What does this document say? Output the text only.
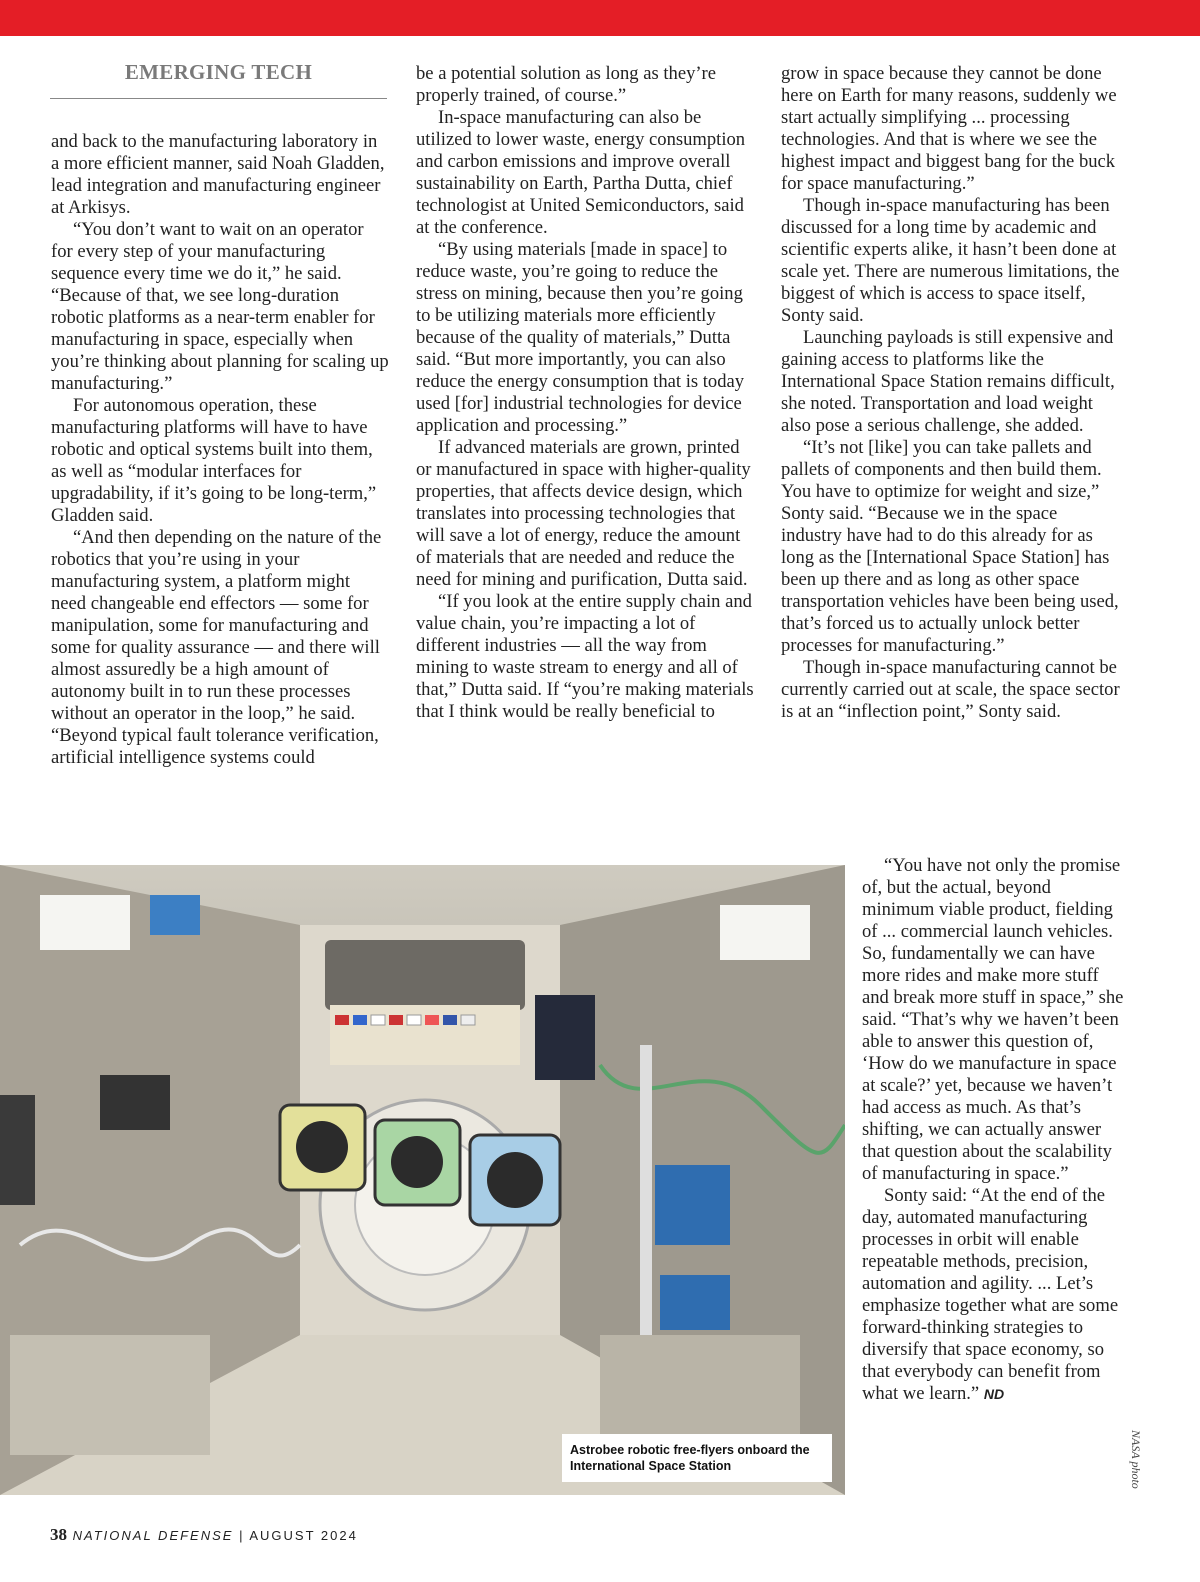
EMERGING TECH

and back to the manufacturing laboratory in a more efficient manner, said Noah Gladden, lead integration and manufacturing engineer at Arkisys.

“You don’t want to wait on an operator for every step of your manufacturing sequence every time we do it,” he said. “Because of that, we see long-duration robotic platforms as a near-term enabler for manufacturing in space, especially when you’re thinking about planning for scaling up manufacturing.”

For autonomous operation, these manufacturing platforms will have to have robotic and optical systems built into them, as well as “modular interfaces for upgradability, if it’s going to be long-term,” Gladden said.

“And then depending on the nature of the robotics that you’re using in your manufacturing system, a platform might need changeable end effectors — some for manipulation, some for manufacturing and some for quality assurance — and there will almost assuredly be a high amount of autonomy built in to run these processes without an operator in the loop,” he said. “Beyond typical fault tolerance verification, artificial intelligence systems could

be a potential solution as long as they’re properly trained, of course.”

In-space manufacturing can also be utilized to lower waste, energy consumption and carbon emissions and improve overall sustainability on Earth, Partha Dutta, chief technologist at United Semiconductors, said at the conference.

“By using materials [made in space] to reduce waste, you’re going to reduce the stress on mining, because then you’re going to be utilizing materials more efficiently because of the quality of materials,” Dutta said. “But more importantly, you can also reduce the energy consumption that is today used [for] industrial technologies for device application and processing.”

If advanced materials are grown, printed or manufactured in space with higher-quality properties, that affects device design, which translates into processing technologies that will save a lot of energy, reduce the amount of materials that are needed and reduce the need for mining and purification, Dutta said.

“If you look at the entire supply chain and value chain, you’re impacting a lot of different industries — all the way from mining to waste stream to energy and all of that,” Dutta said. If “you’re making materials that I think would be really beneficial to

grow in space because they cannot be done here on Earth for many reasons, suddenly we start actually simplifying ... processing technologies. And that is where we see the highest impact and biggest bang for the buck for space manufacturing.”

Though in-space manufacturing has been discussed for a long time by academic and scientific experts alike, it hasn’t been done at scale yet. There are numerous limitations, the biggest of which is access to space itself, Sonty said.

Launching payloads is still expensive and gaining access to platforms like the International Space Station remains difficult, she noted. Transportation and load weight also pose a serious challenge, she added.

“It’s not [like] you can take pallets and pallets of components and then build them. You have to optimize for weight and size,” Sonty said. “Because we in the space industry have had to do this already for as long as the [International Space Station] has been up there and as long as other space transportation vehicles have been being used, that’s forced us to actually unlock better processes for manufacturing.”

Though in-space manufacturing cannot be currently carried out at scale, the space sector is at an “inflection point,” Sonty said.

“You have not only the promise of, but the actual, beyond minimum viable product, fielding of ... commercial launch vehicles. So, fundamentally we can have more rides and make more stuff and break more stuff in space,” she said. “That’s why we haven’t been able to answer this question of, ‘How do we manufacture in space at scale?’ yet, because we haven’t had access as much. As that’s shifting, we can actually answer that question about the scalability of manufacturing in space.”

Sonty said: “At the end of the day, automated manufacturing processes in orbit will enable repeatable methods, precision, automation and agility. ... Let’s emphasize together what are some forward-thinking strategies to diversify that space economy, so that everybody can benefit from what we learn.” ND

Astrobee robotic free-flyers onboard the International Space Station	NASA photo
38 NATIONAL DEFENSE | AUGUST 2024
